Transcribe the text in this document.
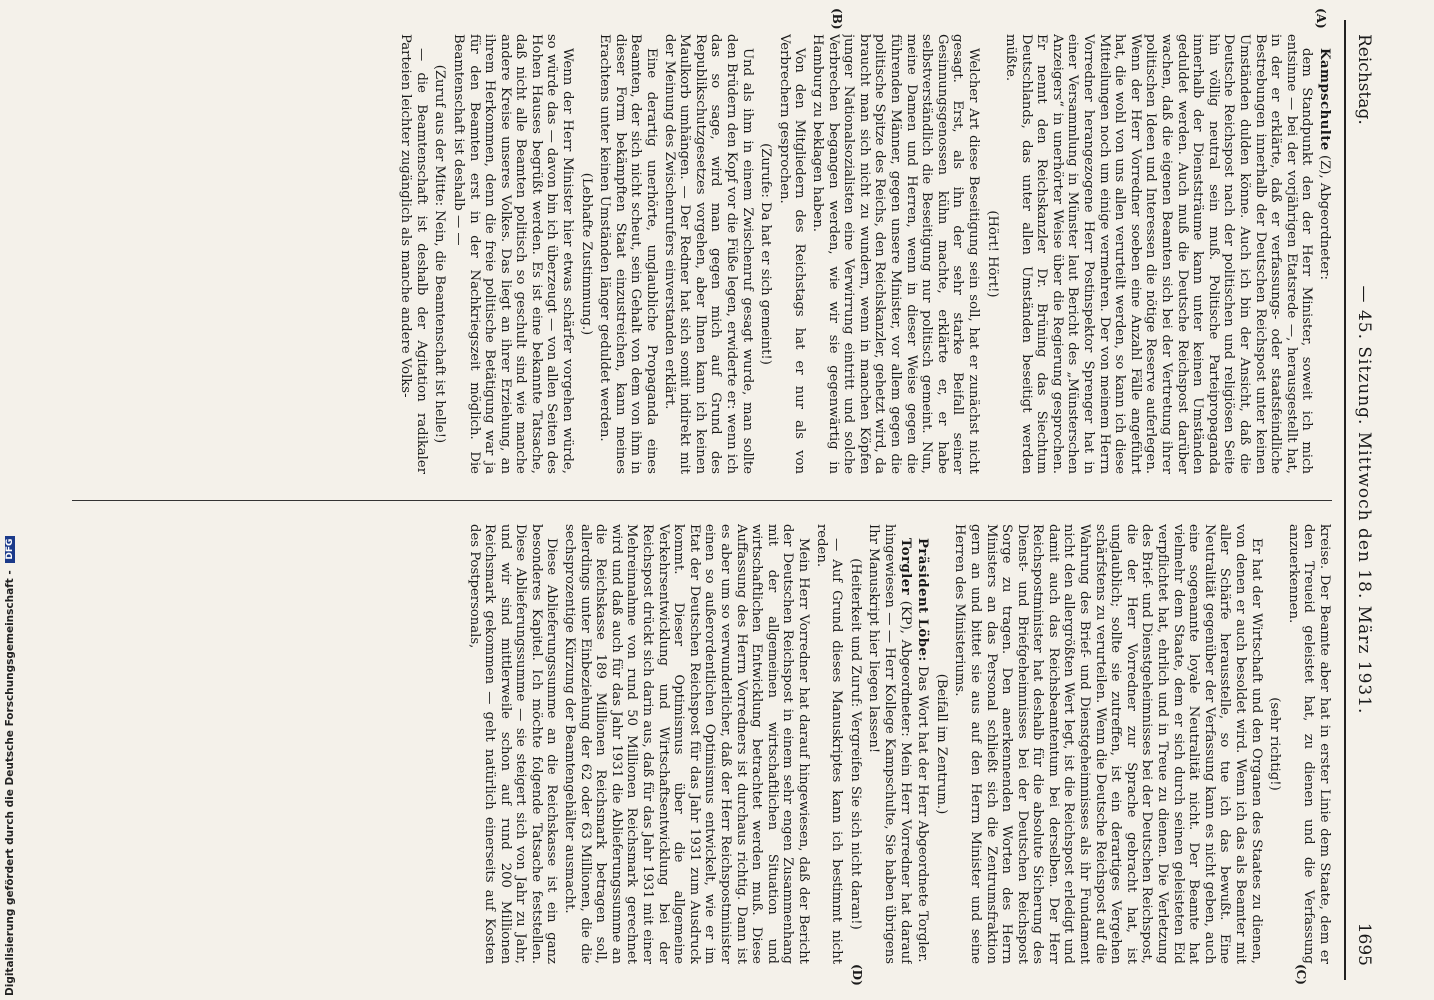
Reichstag.
— 45. Sitzung. Mittwoch den 18. März 1931.
1695
(A)
(B)
(C)
(D)

Kampschulte (Z), Abgeordneter:

dem Standpunkt den der Herr Minister, soweit ich mich entsinne — bei der vorjährigen Etatsrede —, herausgestellt hat, in der er erklärte, daß er verfassungs- oder staatsfeindliche Bestrebungen innerhalb der Deutschen Reichspost unter keinen Umständen dulden könne. Auch ich bin der Ansicht, daß die Deutsche Reichspost nach der politischen und religiösen Seite hin völlig neutral sein muß. Politische Parteipropaganda innerhalb der Dienststräume kann unter keinen Umständen geduldet werden. Auch muß die Deutsche Reichspost darüber wachen, daß die eigenen Beamten sich bei der Vertretung ihrer politischen Ideen und Interessen die nötige Reserve auferlegen. Wenn der Herr Vorredner soeben eine Anzahl Fälle angeführt hat, die wohl von uns allen verurteilt werden, so kann ich diese Mitteilungen noch um einige vermehren. Der von meinem Herrn Vorredner herangezogene Herr Postinspektor Sprenger hat in einer Versammlung in Münster laut Bericht des „Münsterschen Anzeigers“ in unerhörter Weise über die Regierung gesprochen. Er nennt den Reichskanzler Dr. Brüning das Siechtum Deutschlands, das unter allen Umständen beseitigt werden müßte.

(Hört! Hört!)

Welcher Art diese Beseitigung sein soll, hat er zunächst nicht gesagt. Erst, als ihn der sehr starke Beifall seiner Gesinnungsgenossen kühn machte, erklärte er, er habe selbstverständlich die Beseitigung nur politisch gemeint. Nun, meine Damen und Herren, wenn in dieser Weise gegen die führenden Männer, gegen unsere Minister, vor allem gegen die politische Spitze des Reichs, den Reichskanzler, gehetzt wird, da braucht man sich nicht zu wundern, wenn in manchen Köpfen junger Nationalsozialisten eine Verwirrung eintritt und solche Verbrechen begangen werden, wie wir sie gegenwärtig in Hamburg zu beklagen haben.

Von den Mitgliedern des Reichstags hat er nur als von Verbrechern gesprochen.

(Zurufe: Da hat er sich gemeint!)

Und als ihm in einem Zwischenruf gesagt wurde, man sollte den Brüdern den Kopf vor die Füße legen, erwiderte er: wenn ich das so sage, wird man gegen mich auf Grund des Republikschutzgesetzes vorgehen, aber Ihnen kann ich keinen Maulkorb umhängen. — Der Redner hat sich somit indirekt mit der Meinung des Zwischenrufers einverstanden erklärt.

Eine derartig unerhörte, unglaubliche Propaganda eines Beamten, der sich nicht scheut, sein Gehalt von dem von ihm in dieser Form bekämpften Staat einzustreichen, kann meines Erachtens unter keinen Umständen länger geduldet werden.

(Lebhafte Zustimmung.)

Wenn der Herr Minister hier etwas schärfer vorgehen würde, so würde das — davon bin ich überzeugt — von allen Seiten des Hohen Hauses begrüßt werden. Es ist eine bekannte Tatsache, daß nicht alle Beamten politisch so geschult sind wie manche andere Kreise unseres Volkes. Das liegt an ihrer Erziehung, an ihrem Herkommen, denn die freie politische Betätigung war ja für den Beamten erst in der Nachkriegszeit möglich. Die Beamtenschaft ist deshalb — —

(Zuruf aus der Mitte: Nein, die Beamtenschaft ist helle!)

— die Beamtenschaft ist deshalb der Agitation radikaler Parteien leichter zugänglich als manche andere Volks-

kreise. Der Beamte aber hat in erster Linie dem Staate, dem er den Treueid geleistet hat, zu dienen und die Verfassung anzuerkennen.

(sehr richtig!)

Er hat der Wirtschaft und den Organen des Staates zu dienen, von denen er auch besoldet wird. Wenn ich das als Beamter mit aller Schärfe herausstelle, so tue ich das bewußt. Eine Neutralität gegenüber der Verfassung kann es nicht geben, auch eine sogenannte loyale Neutralität nicht. Der Beamte hat vielmehr dem Staate, dem er sich durch seinen geleisteten Eid verpflichtet hat, ehrlich und in Treue zu dienen. Die Verletzung des Brief- und Dienstgeheimnisses bei der Deutschen Reichspost, die der Herr Vorredner zur Sprache gebracht hat, ist unglaublich; sollte sie zutreffen, ist ein derartiges Vergehen schärfstens zu verurteilen. Wenn die Deutsche Reichspost auf die Wahrung des Brief- und Dienstgeheimnisses als ihr Fundament nicht den allergrößten Wert legt, ist die Reichspost erledigt und damit auch das Reichsbeamtentum bei derselben. Der Herr Reichspostminister hat deshalb für die absolute Sicherung des Dienst- und Briefgeheimnisses bei der Deutschen Reichspost Sorge zu tragen. Den anerkennenden Worten des Herrn Ministers an das Personal schließt sich die Zentrumsfraktion gern an und bittet sie aus auf den Herrn Minister und seine Herren des Ministeriums.

(Beifall im Zentrum.)

Präsident Löbe: Das Wort hat der Herr Abgeordnete Torgler.

Torgler (KP), Abgeordneter: Mein Herr Vorredner hat darauf hingewiesen — — Herr Kollege Kampschulte, Sie haben übrigens Ihr Manuskript hier liegen lassen!

(Heiterkeit und Zuruf: Vergreifen Sie sich nicht daran!)

— Auf Grund dieses Manuskriptes kann ich bestimmt nicht reden.

Mein Herr Vorredner hat darauf hingewiesen, daß der Bericht der Deutschen Reichspost in einem sehr engen Zusammenhang mit der allgemeinen wirtschaftlichen Situation und wirtschaftlichen Entwicklung betrachtet werden muß. Diese Auffassung des Herrn Vorredners ist durchaus richtig. Dann ist es aber um so verwunderlicher, daß der Herr Reichspostminister einen so außerordentlichen Optimismus entwickelt, wie er im Etat der Deutschen Reichspost für das Jahr 1931 zum Ausdruck kommt. Dieser Optimismus über die allgemeine Verkehrsentwicklung und Wirtschaftsentwicklung bei der Reichspost drückt sich darin aus, daß für das Jahr 1931 mit einer Mehreinnahme von rund 50 Millionen Reichsmark gerechnet wird und daß auch für das Jahr 1931 die Ablieferungssumme an die Reichskasse 189 Millionen Reichsmark betragen soll, allerdings unter Einbeziehung der 62 oder 63 Millionen, die die sechsprozentige Kürzung der Beamtengehälter ausmacht.

Diese Ablieferungssumme an die Reichskasse ist ein ganz besonderes Kapitel. Ich möchte folgende Tatsache feststellen. Diese Ablieferungssumme — sie steigert sich von Jahr zu Jahr, und wir sind mittlerweile schon auf rund 200 Millionen Reichsmark gekommen — geht natürlich einerseits auf Kosten des Postpersonals,

Digitalisierung gefördert durch die Deutsche Forschungsgemeinschaft - DFG
